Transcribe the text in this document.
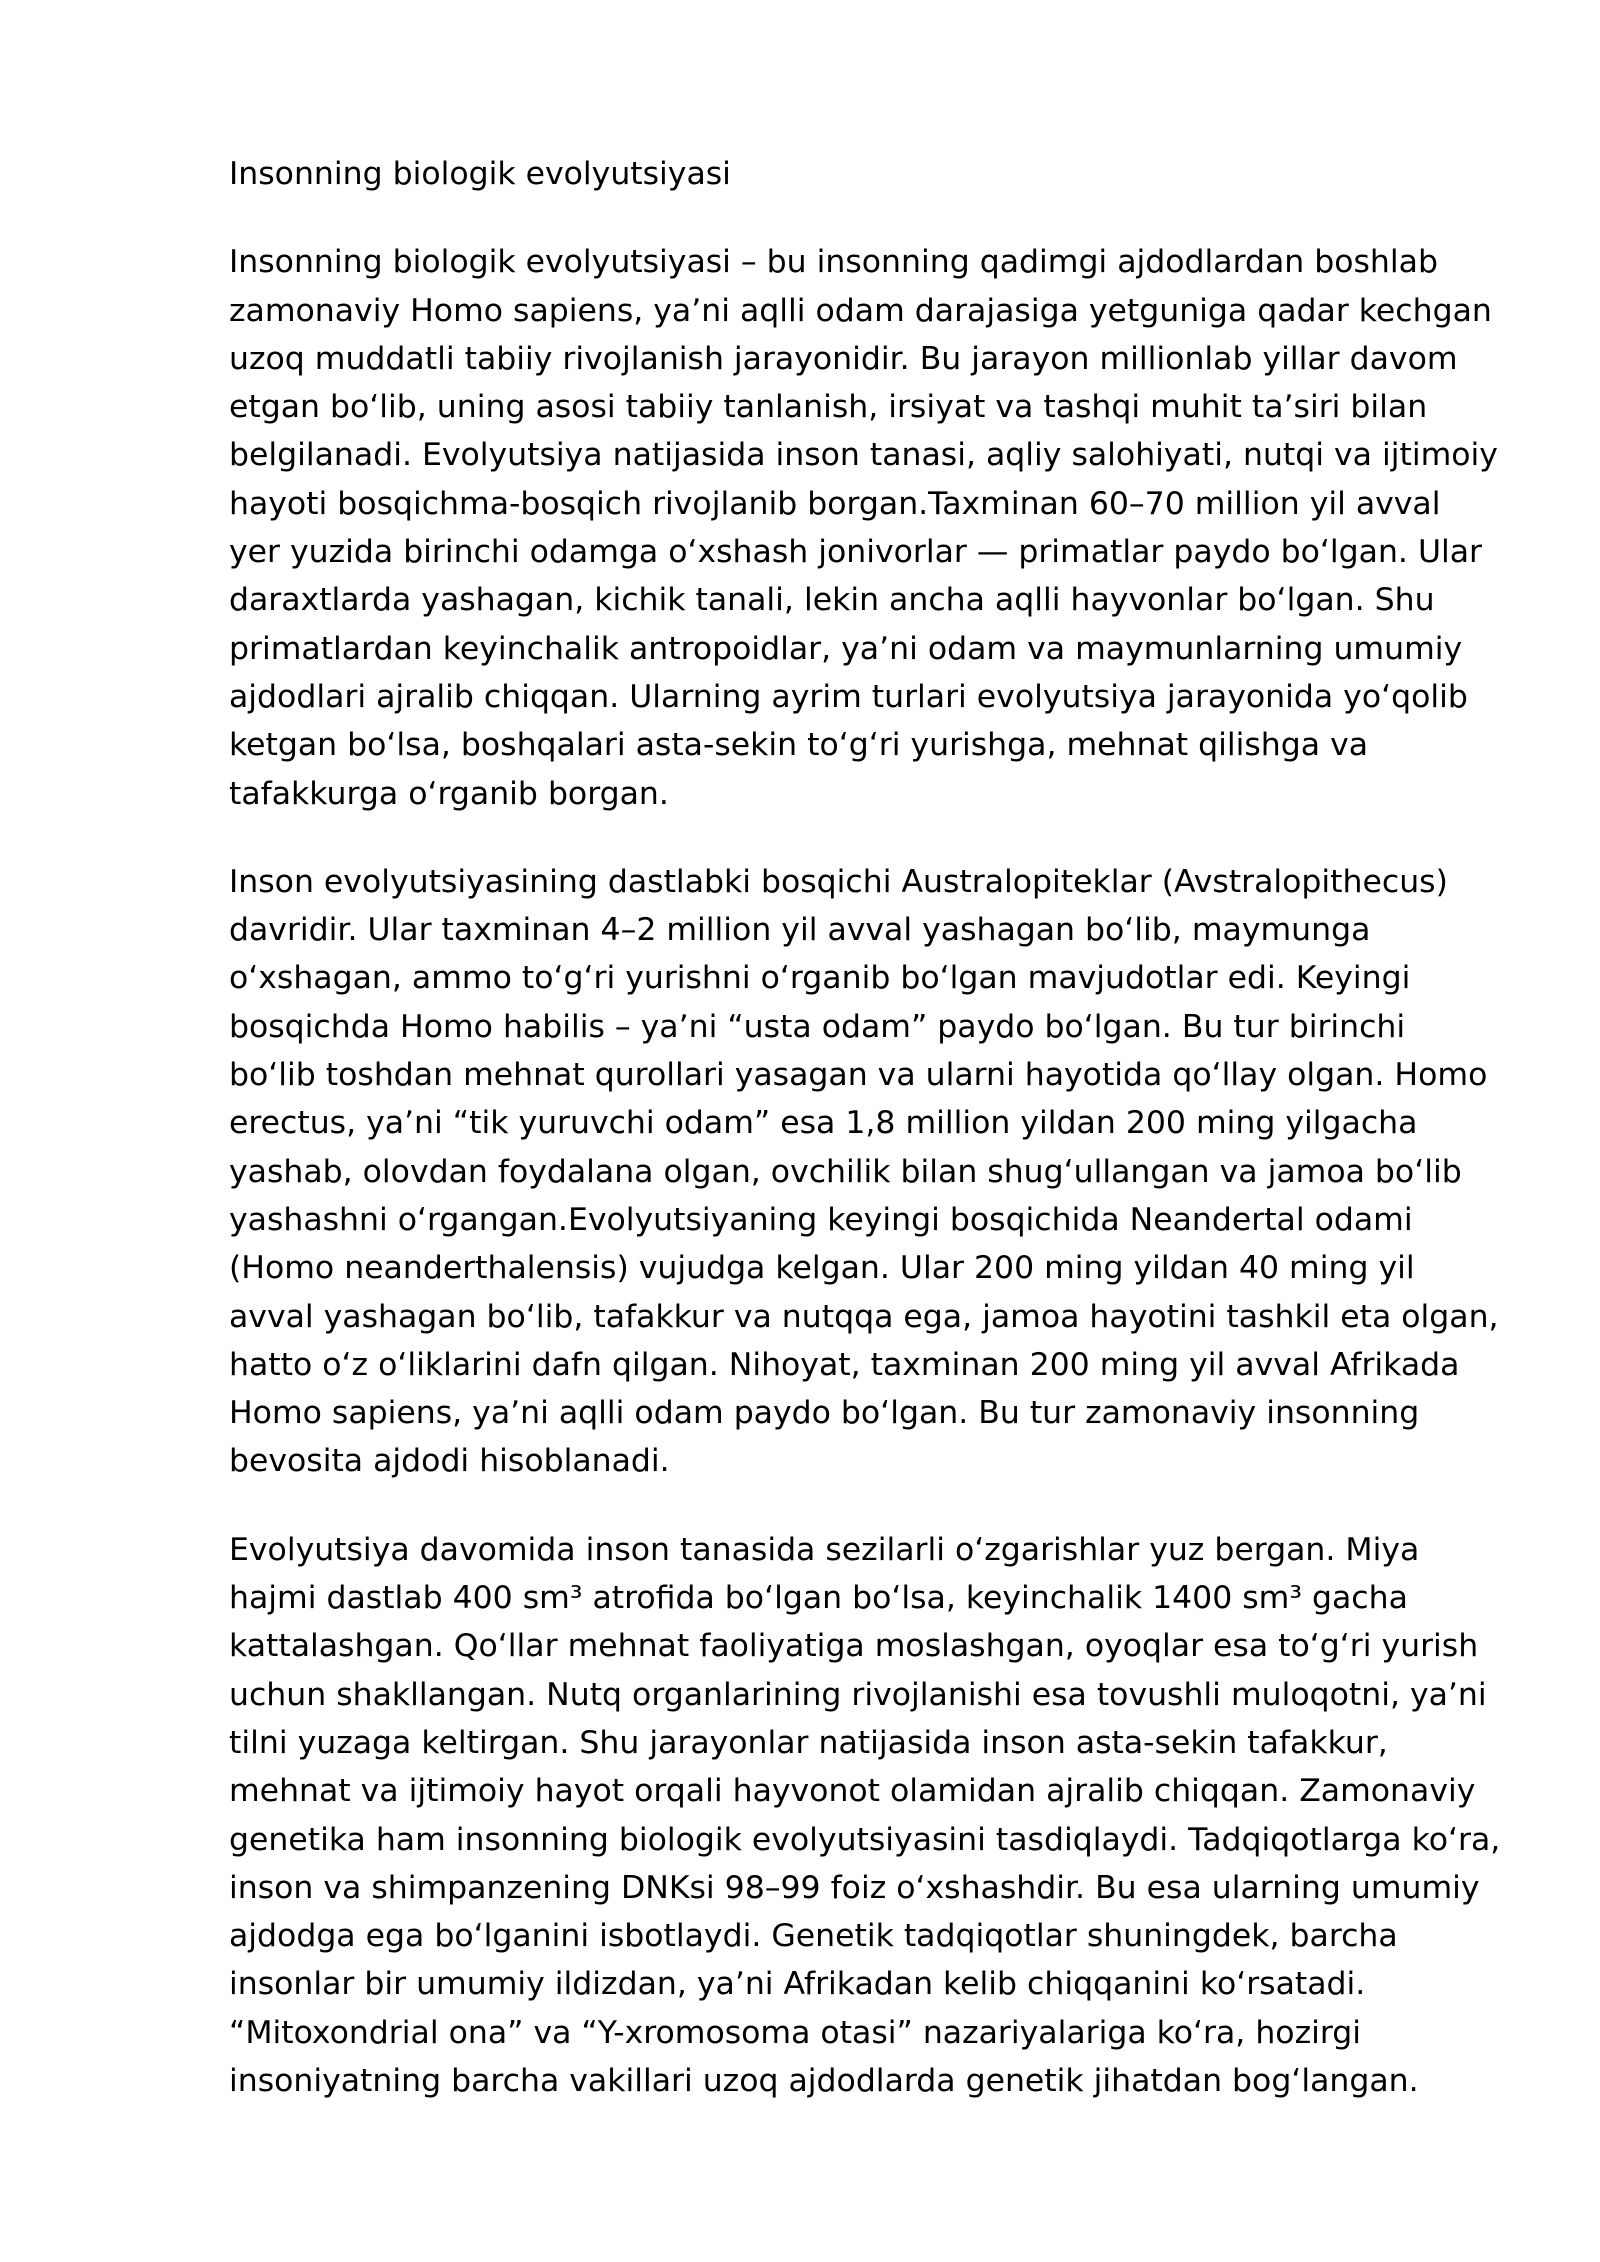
Insonning biologik evolyutsiyasi

Insonning biologik evolyutsiyasi – bu insonning qadimgi ajdodlardan boshlab zamonaviy Homo sapiens, ya’ni aqlli odam darajasiga yetguniga qadar kechgan uzoq muddatli tabiiy rivojlanish jarayonidir. Bu jarayon millionlab yillar davom etgan boʻlib, uning asosi tabiiy tanlanish, irsiyat va tashqi muhit ta’siri bilan belgilanadi. Evolyutsiya natijasida inson tanasi, aqliy salohiyati, nutqi va ijtimoiy hayoti bosqichma-bosqich rivojlanib borgan.Taxminan 60–70 million yil avval yer yuzida birinchi odamga oʻxshash jonivorlar — primatlar paydo boʻlgan. Ular daraxtlarda yashagan, kichik tanali, lekin ancha aqlli hayvonlar boʻlgan. Shu primatlardan keyinchalik antropoidlar, ya’ni odam va maymunlarning umumiy ajdodlari ajralib chiqqan. Ularning ayrim turlari evolyutsiya jarayonida yoʻqolib ketgan boʻlsa, boshqalari asta-sekin toʻgʻri yurishga, mehnat qilishga va tafakkurga oʻrganib borgan.

Inson evolyutsiyasining dastlabki bosqichi Australopiteklar (Avstralopithecus) davridir. Ular taxminan 4–2 million yil avval yashagan boʻlib, maymunga oʻxshagan, ammo toʻgʻri yurishni oʻrganib boʻlgan mavjudotlar edi. Keyingi bosqichda Homo habilis – ya’ni “usta odam” paydo boʻlgan. Bu tur birinchi boʻlib toshdan mehnat qurollari yasagan va ularni hayotida qoʻllay olgan. Homo erectus, ya’ni “tik yuruvchi odam” esa 1,8 million yildan 200 ming yilgacha yashab, olovdan foydalana olgan, ovchilik bilan shugʻullangan va jamoa boʻlib yashashni oʻrgangan.Evolyutsiyaning keyingi bosqichida Neandertal odami (Homo neanderthalensis) vujudga kelgan. Ular 200 ming yildan 40 ming yil avval yashagan boʻlib, tafakkur va nutqqa ega, jamoa hayotini tashkil eta olgan, hatto oʻz oʻliklarini dafn qilgan. Nihoyat, taxminan 200 ming yil avval Afrikada Homo sapiens, ya’ni aqlli odam paydo boʻlgan. Bu tur zamonaviy insonning bevosita ajdodi hisoblanadi.

Evolyutsiya davomida inson tanasida sezilarli oʻzgarishlar yuz bergan. Miya hajmi dastlab 400 sm³ atrofida boʻlgan boʻlsa, keyinchalik 1400 sm³ gacha kattalashgan. Qoʻllar mehnat faoliyatiga moslashgan, oyoqlar esa toʻgʻri yurish uchun shakllangan. Nutq organlarining rivojlanishi esa tovushli muloqotni, ya’ni tilni yuzaga keltirgan. Shu jarayonlar natijasida inson asta-sekin tafakkur, mehnat va ijtimoiy hayot orqali hayvonot olamidan ajralib chiqqan. Zamonaviy genetika ham insonning biologik evolyutsiyasini tasdiqlaydi. Tadqiqotlarga koʻra, inson va shimpanzening DNKsi 98–99 foiz oʻxshashdir. Bu esa ularning umumiy ajdodga ega boʻlganini isbotlaydi. Genetik tadqiqotlar shuningdek, barcha insonlar bir umumiy ildizdan, ya’ni Afrikadan kelib chiqqanini koʻrsatadi. “Mitoxondrial ona” va “Y-xromosoma otasi” nazariyalariga koʻra, hozirgi insoniyatning barcha vakillari uzoq ajdodlarda genetik jihatdan bogʻlangan.
